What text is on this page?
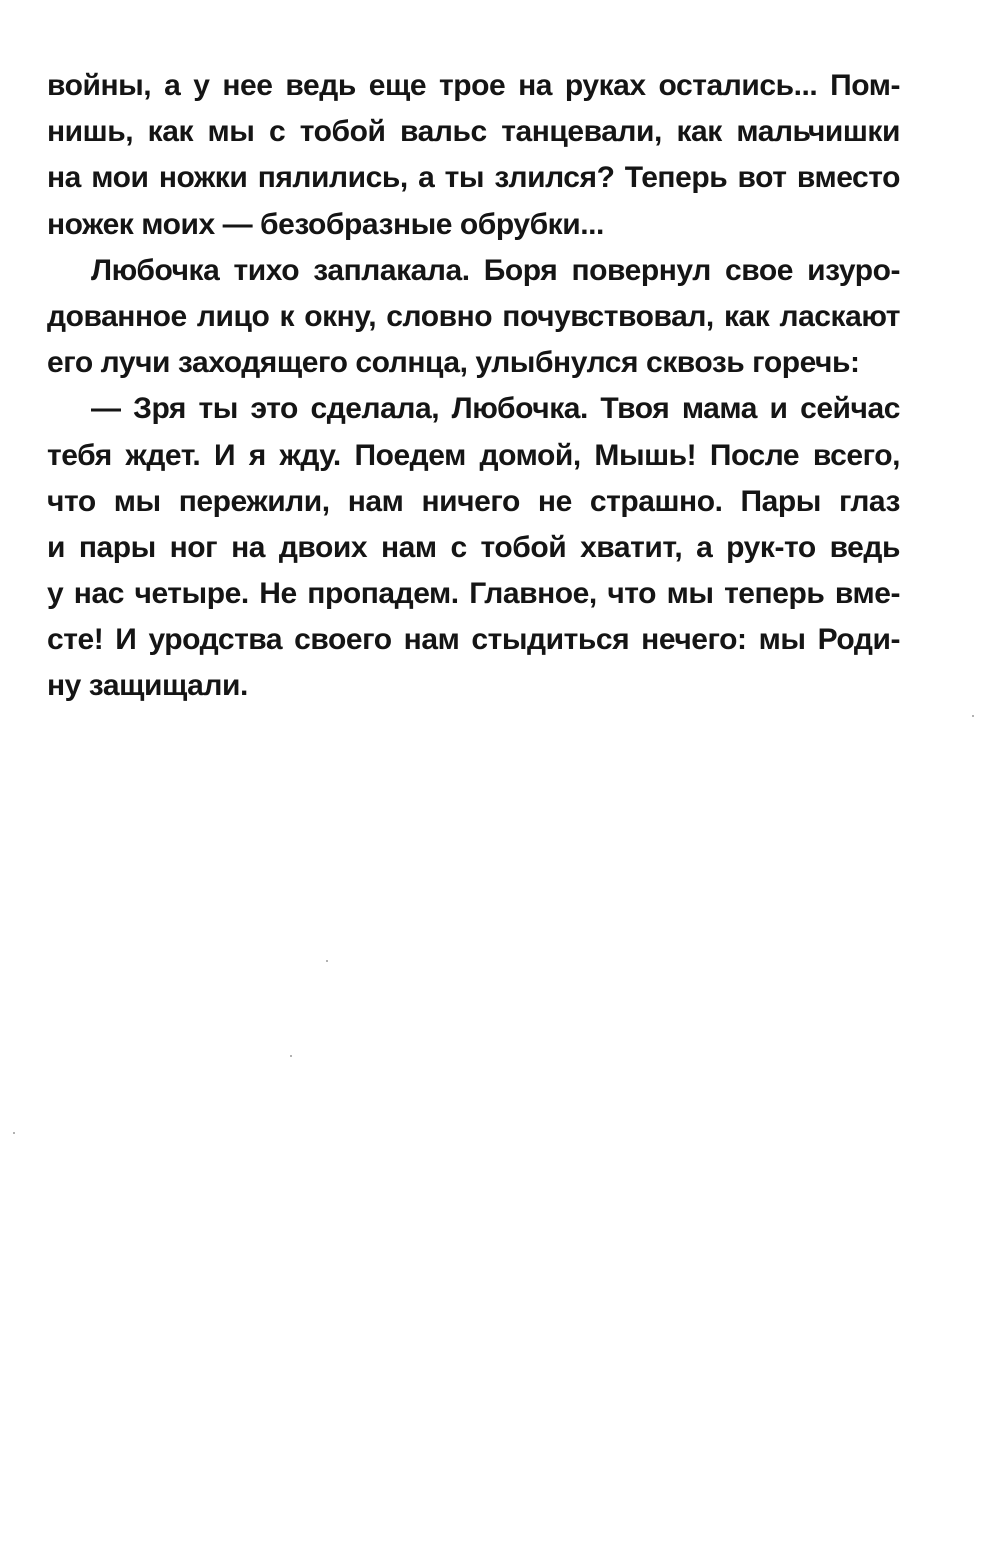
войны, а у нее ведь еще трое на руках остались... Пом-
нишь, как мы с тобой вальс танцевали, как мальчишки
на мои ножки пялились, а ты злился? Теперь вот вместо
ножек моих — безобразные обрубки...
Любочка тихо заплакала. Боря повернул свое изуро-
дованное лицо к окну, словно почувствовал, как ласкают
его лучи заходящего солнца, улыбнулся сквозь горечь:
— Зря ты это сделала, Любочка. Твоя мама и сейчас
тебя ждет. И я жду. Поедем домой, Мышь! После всего,
что мы пережили, нам ничего не страшно. Пары глаз
и пары ног на двоих нам с тобой хватит, а рук-то ведь
у нас четыре. Не пропадем. Главное, что мы теперь вме-
сте! И уродства своего нам стыдиться нечего: мы Роди-
ну защищали.
